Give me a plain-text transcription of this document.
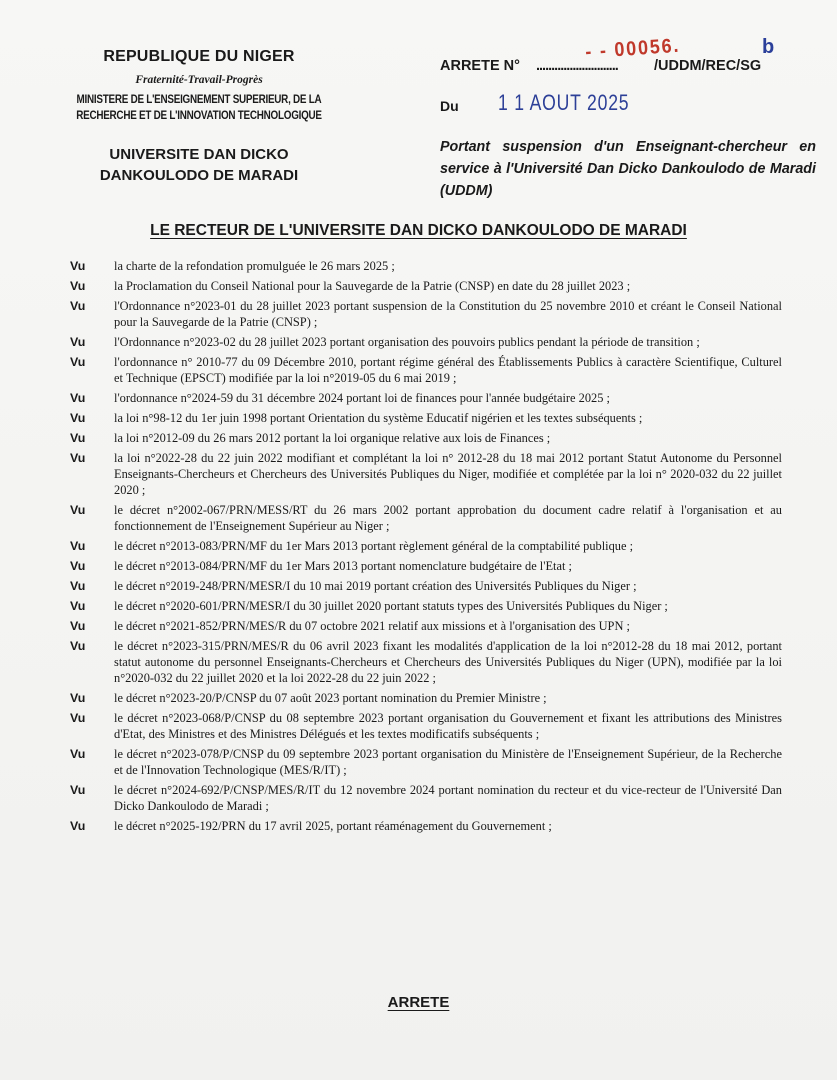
REPUBLIQUE DU NIGER
Fraternité-Travail-Progrès
MINISTERE DE L'ENSEIGNEMENT SUPERIEUR, DE LA
RECHERCHE ET DE L'INNOVATION TECHNOLOGIQUE
UNIVERSITE DAN DICKO
DANKOULODO DE MARADI
ARRETE N° ........................... /UDDM/REC/SG
- - 00056.	b
Du 1 1 AOUT 2025
Portant suspension d'un Enseignant-chercheur en service à l'Université Dan Dicko Dankoulodo de Maradi (UDDM)
LE RECTEUR DE L'UNIVERSITE DAN DICKO DANKOULODO DE MARADI
Vu	la charte de la refondation promulguée le 26 mars 2025 ;
Vu	la Proclamation du Conseil National pour la Sauvegarde de la Patrie (CNSP) en date du 28 juillet 2023 ;
Vu	l'Ordonnance n°2023-01 du 28 juillet 2023 portant suspension de la Constitution du 25 novembre 2010 et créant le Conseil National pour la Sauvegarde de la Patrie (CNSP) ;
Vu	l'Ordonnance n°2023-02 du 28 juillet 2023 portant organisation des pouvoirs publics pendant la période de transition ;
Vu	l'ordonnance n° 2010-77 du 09 Décembre 2010, portant régime général des Établissements Publics à caractère Scientifique, Culturel et Technique (EPSCT) modifiée par la loi n°2019-05 du 6 mai 2019 ;
Vu	l'ordonnance n°2024-59 du 31 décembre 2024 portant loi de finances pour l'année budgétaire 2025 ;
Vu	la loi n°98-12 du 1er juin 1998 portant Orientation du système Educatif nigérien et les textes subséquents ;
Vu	la loi n°2012-09 du 26 mars 2012 portant la loi organique relative aux lois de Finances ;
Vu	la loi n°2022-28 du 22 juin 2022 modifiant et complétant la loi n° 2012-28 du 18 mai 2012 portant Statut Autonome du Personnel Enseignants-Chercheurs et Chercheurs des Universités Publiques du Niger, modifiée et complétée par la loi n° 2020-032 du 22 juillet 2020 ;
Vu	le décret n°2002-067/PRN/MESS/RT du 26 mars 2002 portant approbation du document cadre relatif à l'organisation et au fonctionnement de l'Enseignement Supérieur au Niger ;
Vu	le décret n°2013-083/PRN/MF du 1er Mars 2013 portant règlement général de la comptabilité publique ;
Vu	le décret n°2013-084/PRN/MF du 1er Mars 2013 portant nomenclature budgétaire de l'Etat ;
Vu	le décret n°2019-248/PRN/MESR/I du 10 mai 2019 portant création des Universités Publiques du Niger ;
Vu	le décret n°2020-601/PRN/MESR/I du 30 juillet 2020 portant statuts types des Universités Publiques du Niger ;
Vu	le décret n°2021-852/PRN/MES/R du 07 octobre 2021 relatif aux missions et à l'organisation des UPN ;
Vu	le décret n°2023-315/PRN/MES/R du 06 avril 2023 fixant les modalités d'application de la loi n°2012-28 du 18 mai 2012, portant statut autonome du personnel Enseignants-Chercheurs et Chercheurs des Universités Publiques du Niger (UPN), modifiée par la loi n°2020-032 du 22 juillet 2020 et la loi 2022-28 du 22 juin 2022 ;
Vu	le décret n°2023-20/P/CNSP du 07 août 2023 portant nomination du Premier Ministre ;
Vu	le décret n°2023-068/P/CNSP du 08 septembre 2023 portant organisation du Gouvernement et fixant les attributions des Ministres d'Etat, des Ministres et des Ministres Délégués et les textes modificatifs subséquents ;
Vu	le décret n°2023-078/P/CNSP du 09 septembre 2023 portant organisation du Ministère de l'Enseignement Supérieur, de la Recherche et de l'Innovation Technologique (MES/R/IT) ;
Vu	le décret n°2024-692/P/CNSP/MES/R/IT du 12 novembre 2024 portant nomination du recteur et du vice-recteur de l'Université Dan Dicko Dankoulodo de Maradi ;
Vu	le décret n°2025-192/PRN du 17 avril 2025, portant réaménagement du Gouvernement ;
ARRETE
